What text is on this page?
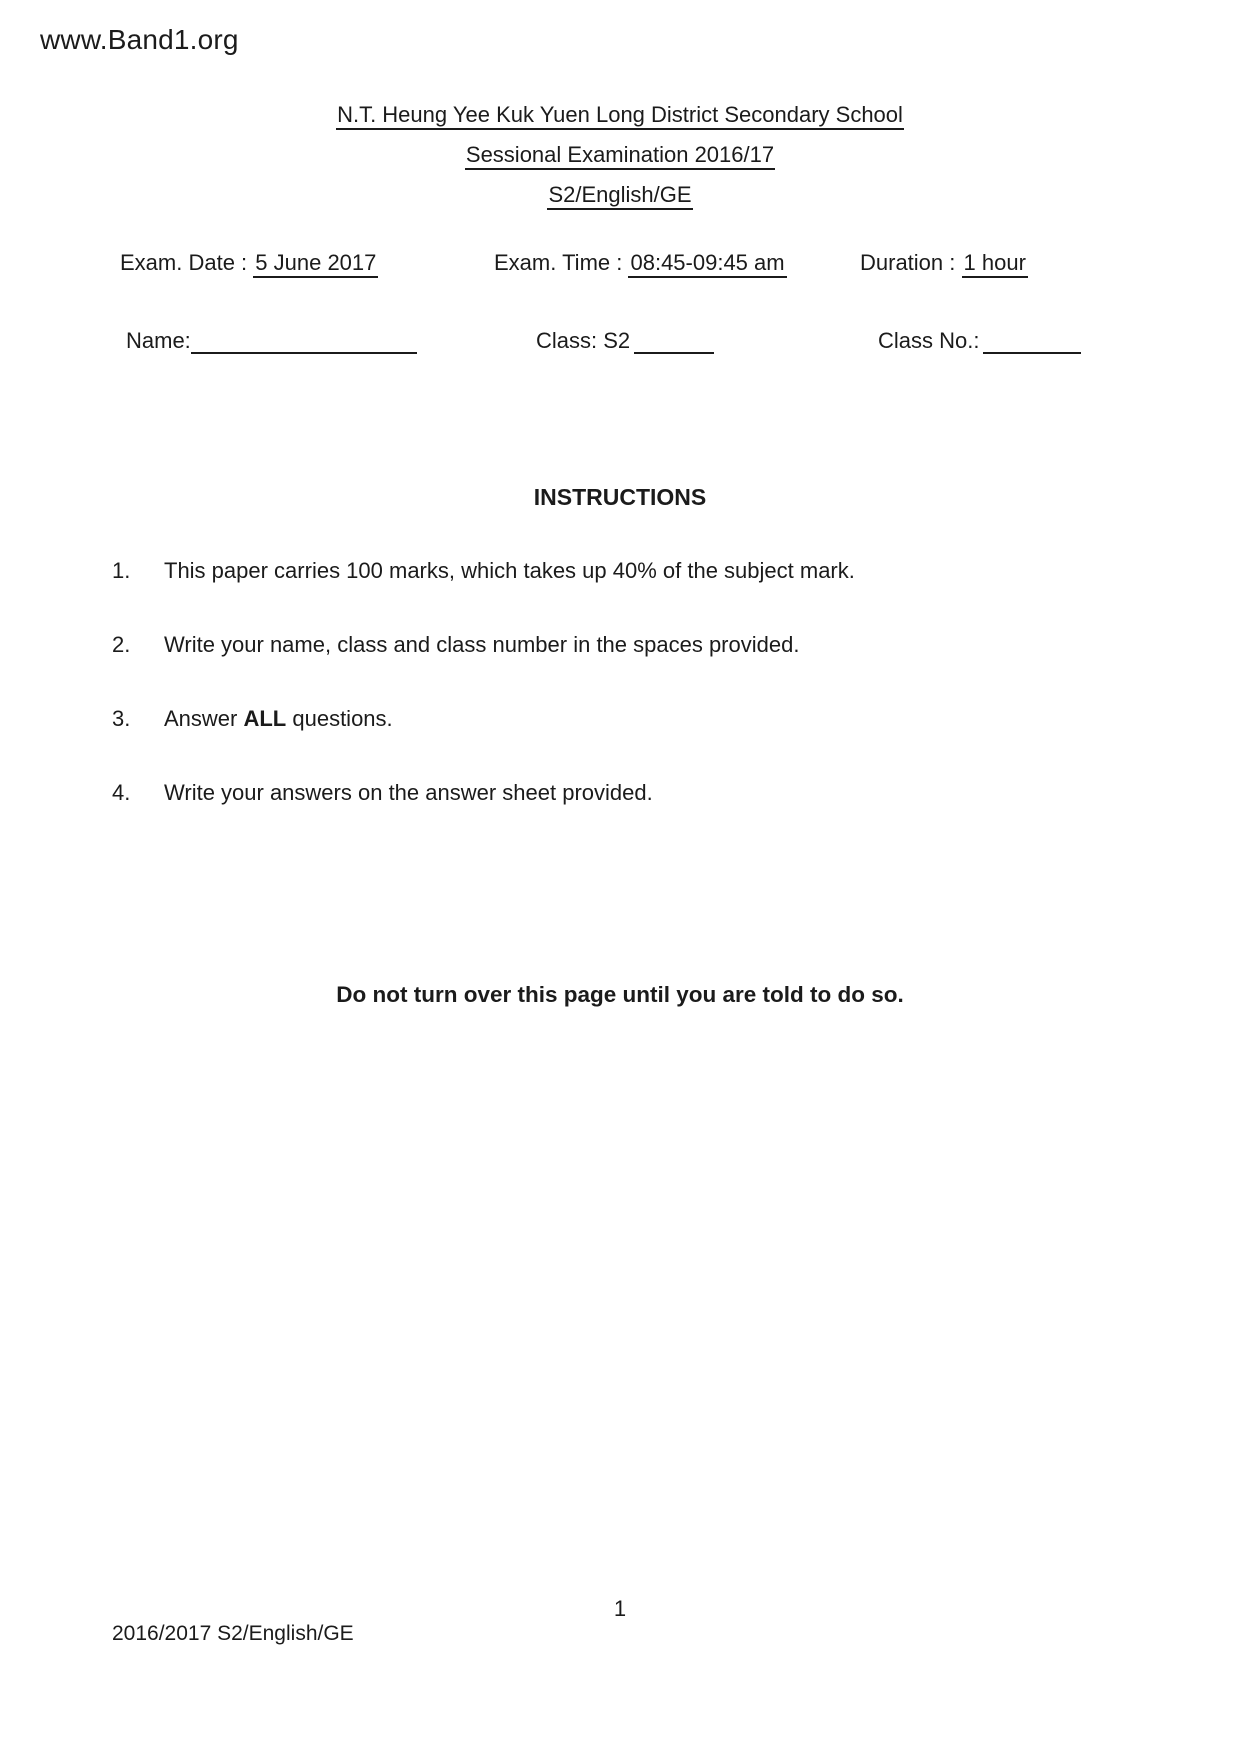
www.Band1.org
N.T. Heung Yee Kuk Yuen Long District Secondary School
Sessional Examination 2016/17
S2/English/GE
Exam. Date : 5 June 2017	Exam. Time : 08:45-09:45 am	Duration : 1 hour
Name:	Class: S2	Class No.:
INSTRUCTIONS
1. This paper carries 100 marks, which takes up 40% of the subject mark.
2. Write your name, class and class number in the spaces provided.
3. Answer ALL questions.
4. Write your answers on the answer sheet provided.
Do not turn over this page until you are told to do so.
1
2016/2017 S2/English/GE
